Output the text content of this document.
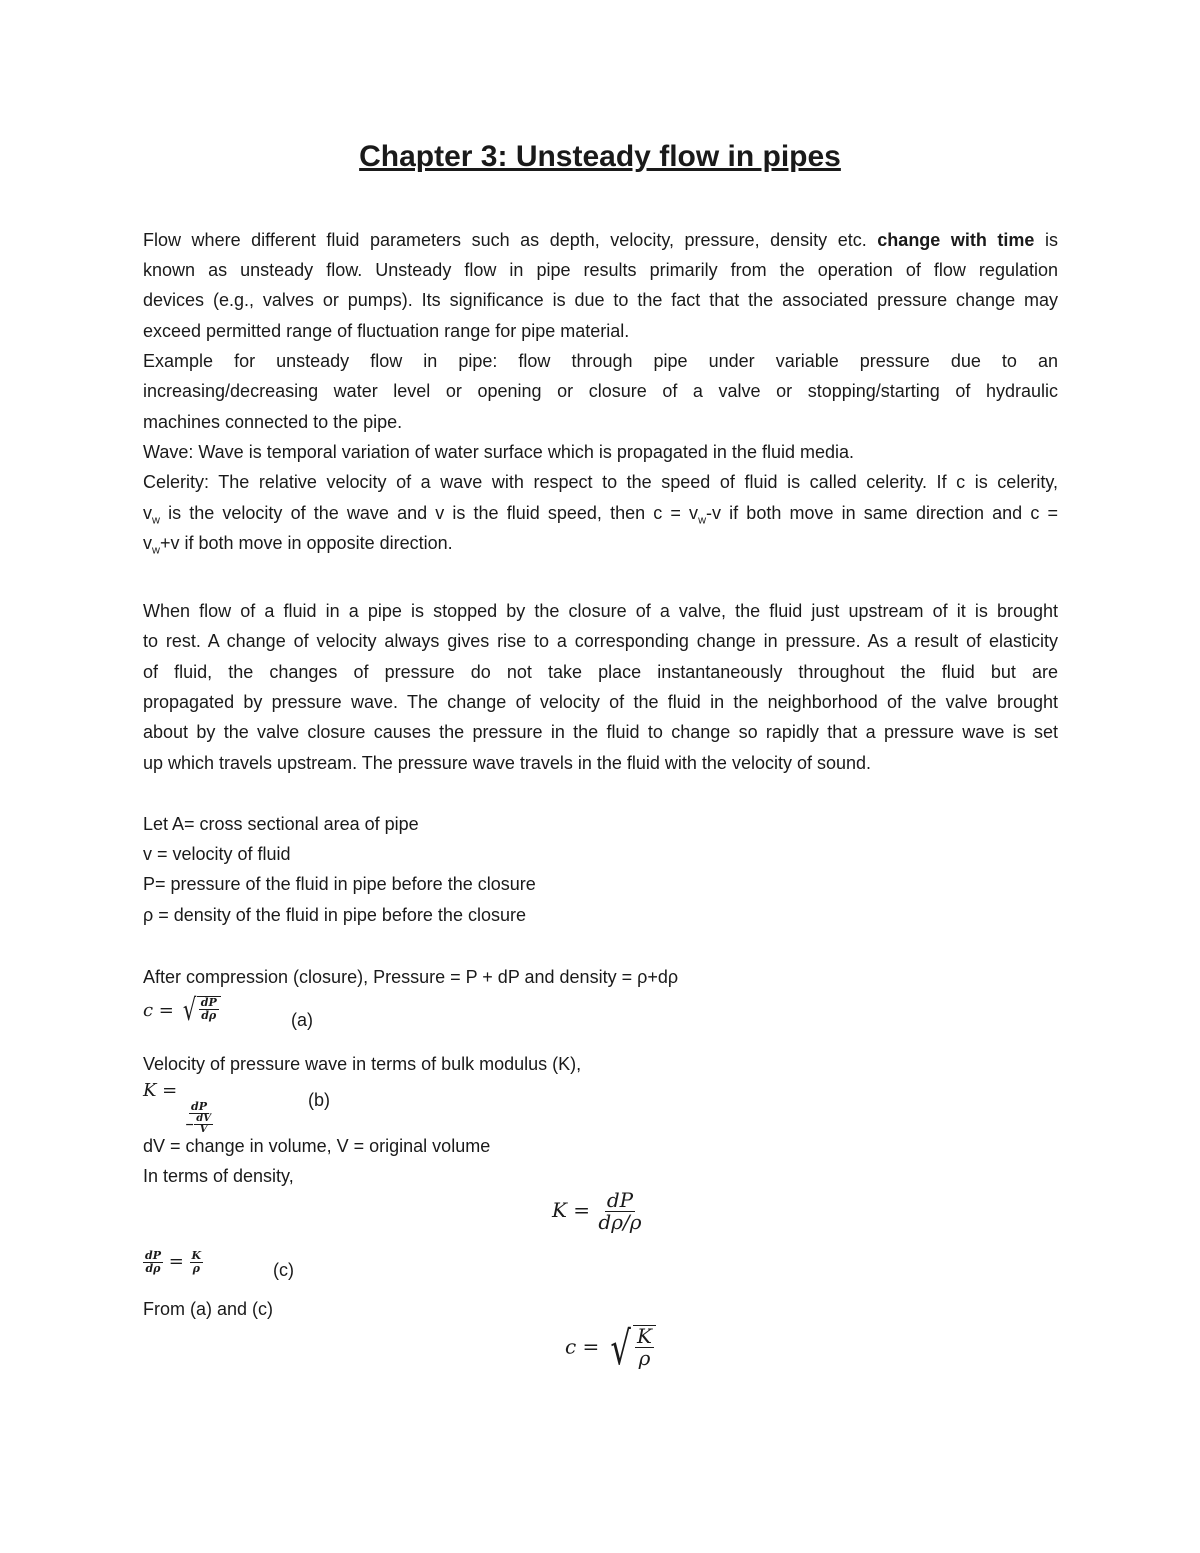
Chapter 3: Unsteady flow in pipes
Flow where different fluid parameters such as depth, velocity, pressure, density etc. change with time is
known as unsteady flow. Unsteady flow in pipe results primarily from the operation of flow regulation
devices (e.g., valves or pumps). Its significance is due to the fact that the associated pressure change may
exceed permitted range of fluctuation range for pipe material.
Example for unsteady flow in pipe: flow through pipe under variable pressure due to an
increasing/decreasing water level or opening or closure of a valve or stopping/starting of hydraulic
machines connected to the pipe.
Wave: Wave is temporal variation of water surface which is propagated in the fluid media.
Celerity: The relative velocity of a wave with respect to the speed of fluid is called celerity. If c is celerity,
$v_w$ is the velocity of the wave and v is the fluid speed, then $c = v_w-v$ if both move in same direction and c =
$v_w+v$ if both move in opposite direction.
When flow of a fluid in a pipe is stopped by the closure of a valve, the fluid just upstream of it is brought
to rest. A change of velocity always gives rise to a corresponding change in pressure. As a result of elasticity
of fluid, the changes of pressure do not take place instantaneously throughout the fluid but are
propagated by pressure wave. The change of velocity of the fluid in the neighborhood of the valve brought
about by the valve closure causes the pressure in the fluid to change so rapidly that a pressure wave is set
up which travels upstream. The pressure wave travels in the fluid with the velocity of sound.
Let A= cross sectional area of pipe
v = velocity of fluid
P= pressure of the fluid in pipe before the closure
ρ = density of the fluid in pipe before the closure
After compression (closure), Pressure = P + dP and density = ρ+dρ
c = √ $\frac{dP}{d\rho}$	(a)
Velocity of pressure wave in terms of bulk modulus (K),
K =
$\frac{dP}{- \frac{dV}{V}}$
(b)
dV = change in volume, V = original volume
In terms of density,
$K = \frac{dP}{d\rho/\rho}$
$\frac{dP}{d\rho} = \frac{K}{\rho}$	(c)
From (a) and (c)
c = √ $\frac{K}{\rho}$
